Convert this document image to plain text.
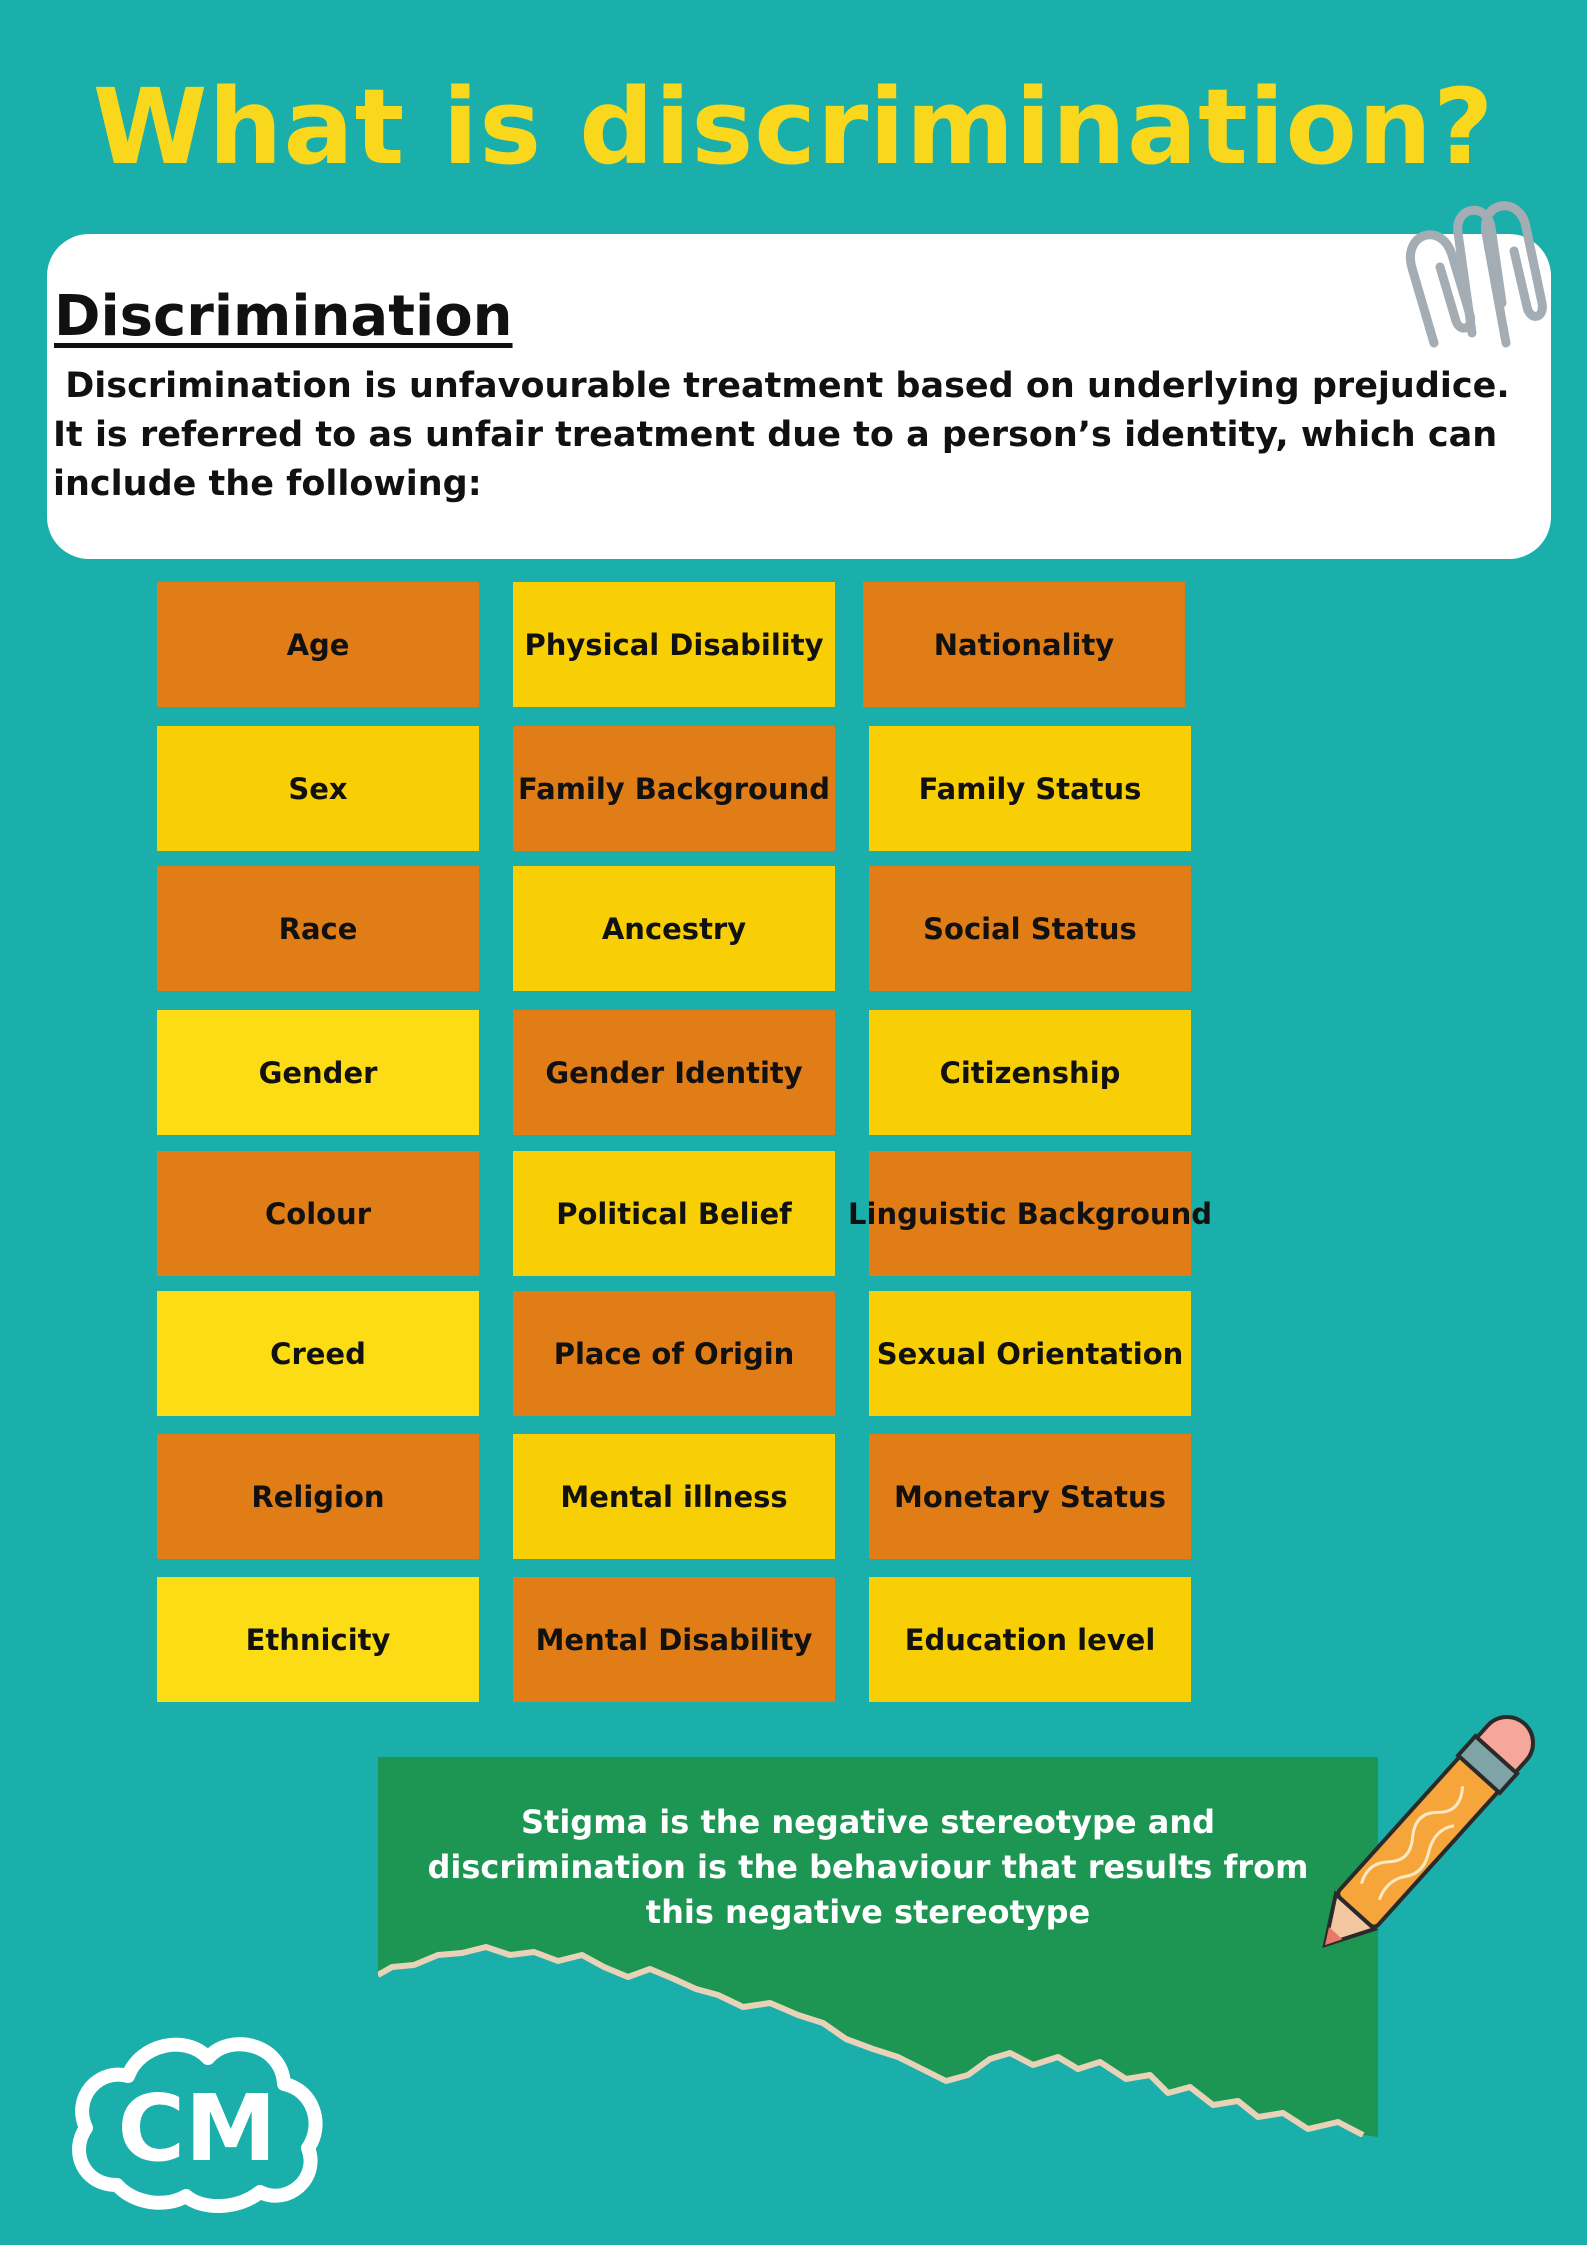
What is discrimination?
Discrimination
Discrimination is unfavourable treatment based on underlying prejudice.  It is referred to as unfair treatment due to a person’s identity, which can include the following:
Age	Physical Disability	Nationality
Sex	Family Background	Family Status
Race	Ancestry	Social Status
Gender	Gender Identity	Citizenship
Colour	Political Belief	Linguistic Background
Creed	Place of Origin	Sexual Orientation
Religion	Mental illness	Monetary Status
Ethnicity	Mental Disability	Education level
Stigma is the negative stereotype and
discrimination is the behaviour that results from
this negative stereotype
CM
